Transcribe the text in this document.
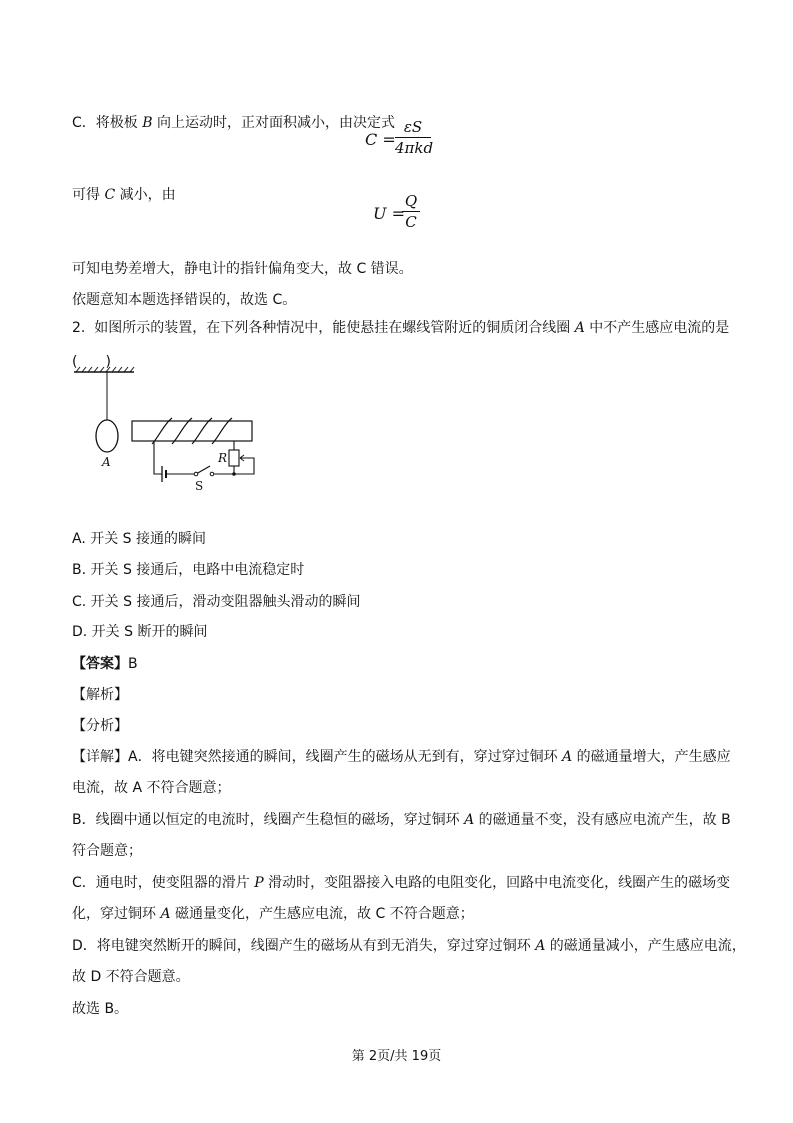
C．将极板 B 向上运动时，正对面积减小，由决定式
C =
εS
4πkd
可得 C 减小，由
U =
Q
C
可知电势差增大，静电计的指针偏角变大，故 C 错误。
依题意知本题选择错误的，故选 C。
2. 如图所示的装置，在下列各种情况中，能使悬挂在螺线管附近的铜质闭合线圈 A 中不产生感应电流的是
(　　)
A	R
S
A. 开关 S 接通的瞬间
B. 开关 S 接通后，电路中电流稳定时
C. 开关 S 接通后，滑动变阻器触头滑动的瞬间
D. 开关 S 断开的瞬间
【答案】B
【解析】
【分析】
【详解】A．将电键突然接通的瞬间，线圈产生的磁场从无到有，穿过穿过铜环 A 的磁通量增大，产生感应
电流，故 A 不符合题意；
B．线圈中通以恒定的电流时，线圈产生稳恒的磁场，穿过铜环 A 的磁通量不变，没有感应电流产生，故 B
符合题意；
C．通电时，使变阻器的滑片 P 滑动时，变阻器接入电路的电阻变化，回路中电流变化，线圈产生的磁场变
化，穿过铜环 A 磁通量变化，产生感应电流，故 C 不符合题意；
D．将电键突然断开的瞬间，线圈产生的磁场从有到无消失，穿过穿过铜环 A 的磁通量减小，产生感应电流，
故 D 不符合题意。
故选 B。
第 2页/共 19页
